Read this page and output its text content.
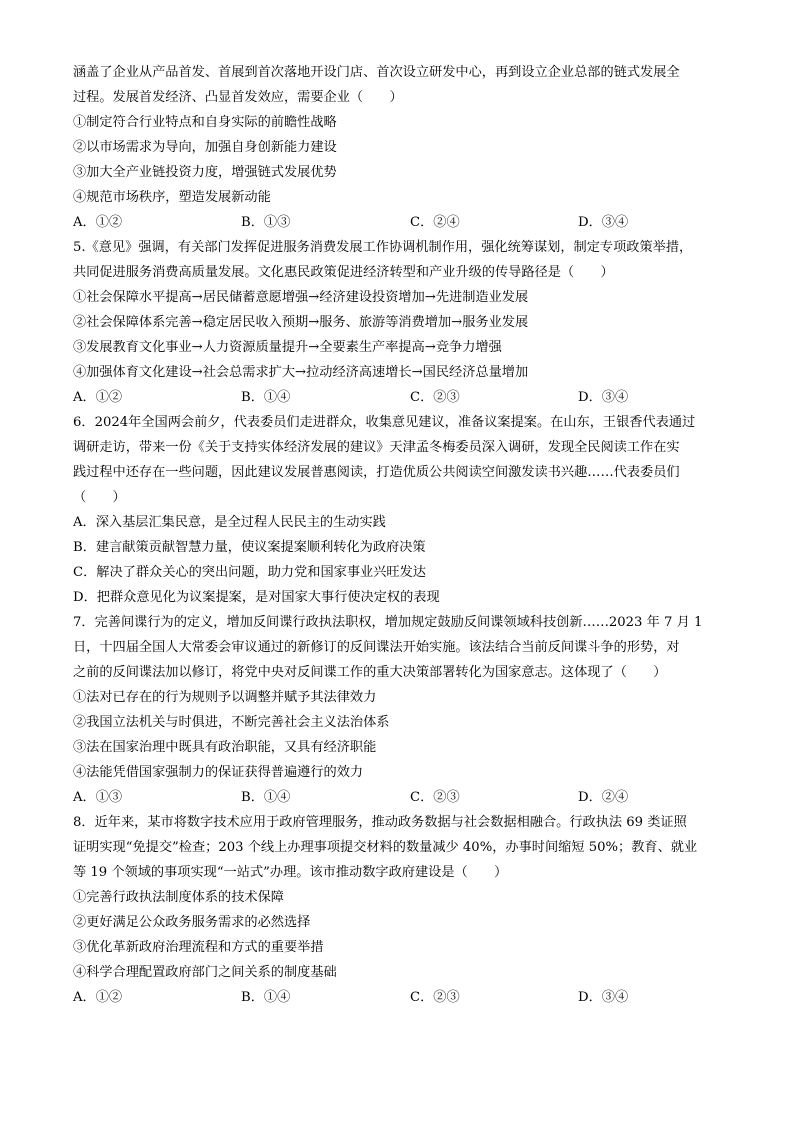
涵盖了企业从产品首发、首展到首次落地开设门店、首次设立研发中心，再到设立企业总部的链式发展全
过程。发展首发经济、凸显首发效应，需要企业（　　）
①制定符合行业特点和自身实际的前瞻性战略
②以市场需求为导向，加强自身创新能力建设
③加大全产业链投资力度，增强链式发展优势
④规范市场秩序，塑造发展新动能
A．①②	B．①③	C．②④	D．③④
5.《意见》强调，有关部门发挥促进服务消费发展工作协调机制作用，强化统筹谋划，制定专项政策举措，
共同促进服务消费高质量发展。文化惠民政策促进经济转型和产业升级的传导路径是（　　）
①社会保障水平提高→居民储蓄意愿增强→经济建设投资增加→先进制造业发展
②社会保障体系完善→稳定居民收入预期→服务、旅游等消费增加→服务业发展
③发展教育文化事业→人力资源质量提升→全要素生产率提高→竞争力增强
④加强体育文化建设→社会总需求扩大→拉动经济高速增长→国民经济总量增加
A．①②	B．①④	C．②③	D．③④
6．2024年全国两会前夕，代表委员们走进群众，收集意见建议，准备议案提案。在山东，王银香代表通过
调研走访，带来一份《关于支持实体经济发展的建议》天津孟冬梅委员深入调研，发现全民阅读工作在实
践过程中还存在一些问题，因此建议发展普惠阅读，打造优质公共阅读空间激发读书兴趣……代表委员们
（　　）
A．深入基层汇集民意，是全过程人民民主的生动实践
B．建言献策贡献智慧力量，使议案提案顺利转化为政府决策
C．解决了群众关心的突出问题，助力党和国家事业兴旺发达
D．把群众意见化为议案提案，是对国家大事行使决定权的表现
7．完善间谍行为的定义，增加反间谍行政执法职权，增加规定鼓励反间谍领域科技创新……2023 年 7 月 1
日，十四届全国人大常委会审议通过的新修订的反间谍法开始实施。该法结合当前反间谍斗争的形势，对
之前的反间谍法加以修订，将党中央对反间谍工作的重大决策部署转化为国家意志。这体现了（　　）
①法对已存在的行为规则予以调整并赋予其法律效力
②我国立法机关与时俱进，不断完善社会主义法治体系
③法在国家治理中既具有政治职能，又具有经济职能
④法能凭借国家强制力的保证获得普遍遵行的效力
A．①③	B．①④	C．②③	D．②④
8．近年来，某市将数字技术应用于政府管理服务，推动政务数据与社会数据相融合。行政执法 69 类证照
证明实现“免提交”检查；203 个线上办理事项提交材料的数量减少 40%，办事时间缩短 50%；教育、就业
等 19 个领域的事项实现“一站式”办理。该市推动数字政府建设是（　　）
①完善行政执法制度体系的技术保障
②更好满足公众政务服务需求的必然选择
③优化革新政府治理流程和方式的重要举措
④科学合理配置政府部门之间关系的制度基础
A．①②	B．①④	C．②③	D．③④
